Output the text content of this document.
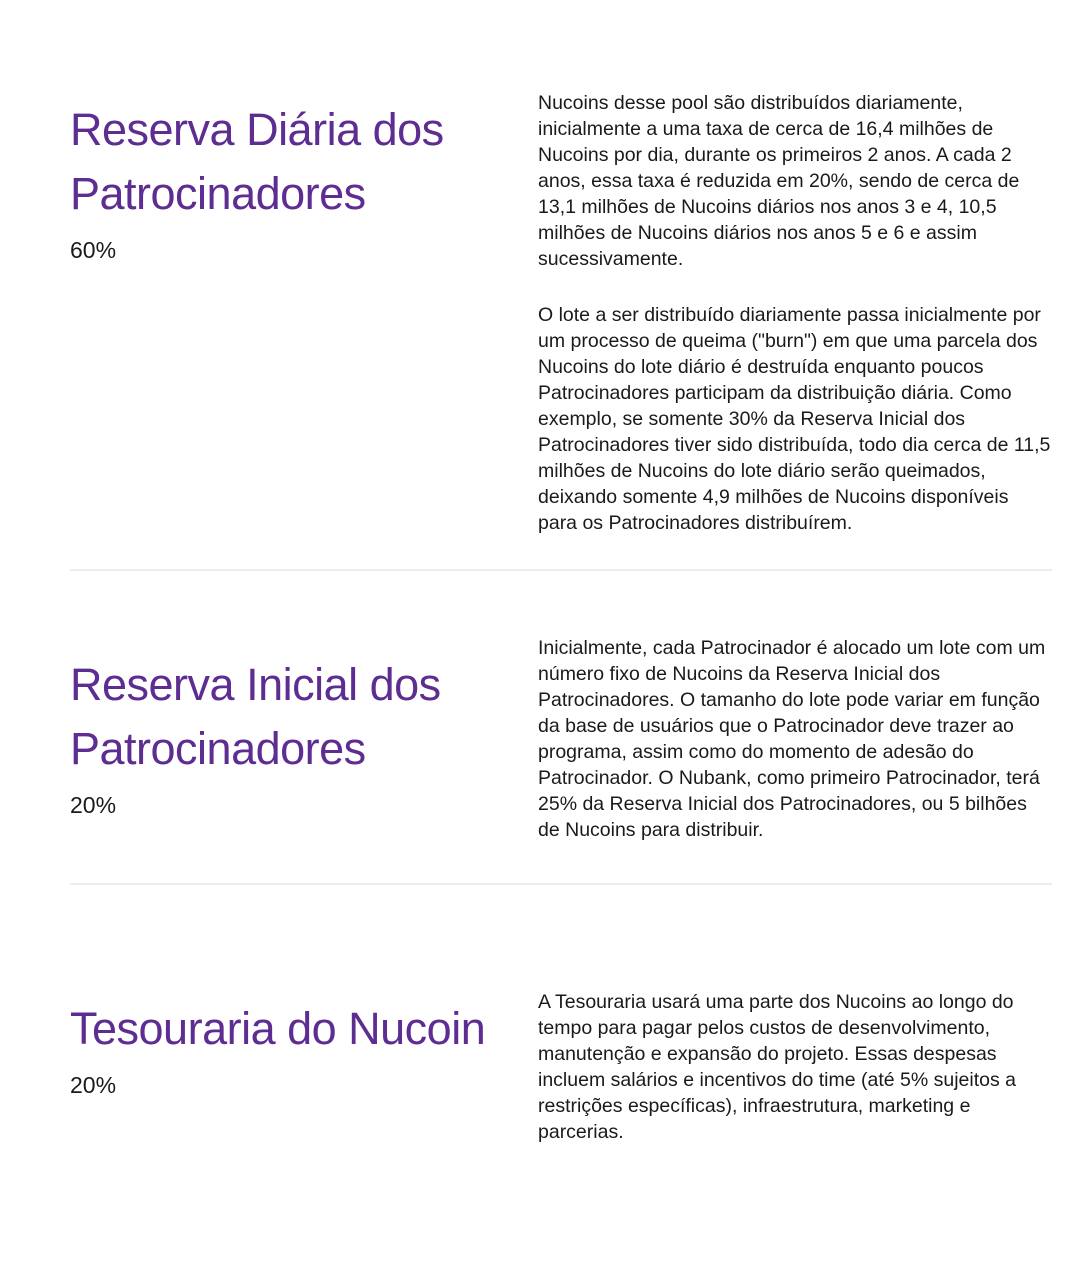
Reserva Diária dos Patrocinadores
60%

Nucoins desse pool são distribuídos diariamente, inicialmente a uma taxa de cerca de 16,4 milhões de Nucoins por dia, durante os primeiros 2 anos. A cada 2 anos, essa taxa é reduzida em 20%, sendo de cerca de 13,1 milhões de Nucoins diários nos anos 3 e 4, 10,5 milhões de Nucoins diários nos anos 5 e 6 e assim sucessivamente.

O lote a ser distribuído diariamente passa inicialmente por um processo de queima ("burn") em que uma parcela dos Nucoins do lote diário é destruída enquanto poucos Patrocinadores participam da distribuição diária. Como exemplo, se somente 30% da Reserva Inicial dos Patrocinadores tiver sido distribuída, todo dia cerca de 11,5 milhões de Nucoins do lote diário serão queimados, deixando somente 4,9 milhões de Nucoins disponíveis para os Patrocinadores distribuírem.

Reserva Inicial dos Patrocinadores
20%

Inicialmente, cada Patrocinador é alocado um lote com um número fixo de Nucoins da Reserva Inicial dos Patrocinadores. O tamanho do lote pode variar em função da base de usuários que o Patrocinador deve trazer ao programa, assim como do momento de adesão do Patrocinador. O Nubank, como primeiro Patrocinador, terá 25% da Reserva Inicial dos Patrocinadores, ou 5 bilhões de Nucoins para distribuir.

Tesouraria do Nucoin
20%

A Tesouraria usará uma parte dos Nucoins ao longo do tempo para pagar pelos custos de desenvolvimento, manutenção e expansão do projeto. Essas despesas incluem salários e incentivos do time (até 5% sujeitos a restrições específicas), infraestrutura, marketing e parcerias.
